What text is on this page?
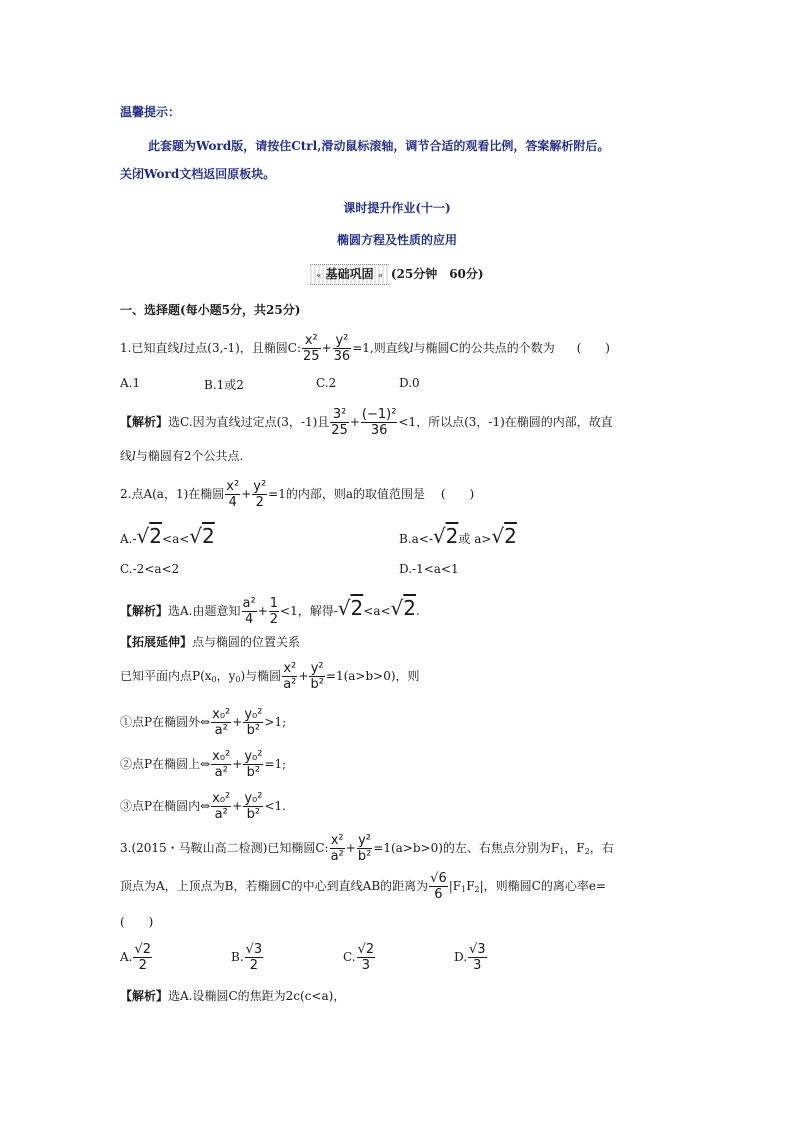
温馨提示：
此套题为Word版，请按住Ctrl,滑动鼠标滚轴，调节合适的观看比例，答案解析附后。
关闭Word文档返回原板块。
课时提升作业(十一)
椭圆方程及性质的应用
« 基础巩固 » (25分钟　60分)
一、选择题(每小题5分，共25分)
1.已知直线l过点(3,-1)，且椭圆C: $\frac{\text{x²}}{25} + \frac{\text{y²}}{36} =1$,则直线l与椭圆C的公共点的个数为 (　　)
A.1	B.1或2	C.2	D.0
【解析】选C.因为直线过定点(3，-1)且 $\frac{\text{3²}}{25} + \frac{\text{(−1)²}}{36} <1$，所以点(3，-1)在椭圆的内部，故直
线l与椭圆有2个公共点.
2.点A(a，1)在椭圆 $\frac{\text{x²}}{4} + \frac{\text{y²}}{2} =1$的内部，则a的取值范围是 (　　)
A.-√2<a<√2	B.a<-√2或 a>√2
C.-2<a<2	D.-1<a<1
【解析】选A.由题意知 $\frac{\text{a²}}{4} + \frac{1}{2} <1$，解得-√2<a<√2.
【拓展延伸】点与椭圆的位置关系
已知平面内点$P(x_0$，$y_0$)与椭圆 $\frac{\text{x²}}{\text{a²}} + \frac{\text{y²}}{\text{b²}} =1(a>b>0)$，则
①点P在椭圆外⇔ $\frac{\text{x₀²}}{\text{a²}} + \frac{\text{y₀²}}{\text{b²}} >1$;
②点P在椭圆上⇔ $\frac{\text{x₀²}}{\text{a²}} + \frac{\text{y₀²}}{\text{b²}} =1$;
③点P在椭圆内⇔ $\frac{\text{x₀²}}{\text{a²}} + \frac{\text{y₀²}}{\text{b²}} <1$.
3.(2015・马鞍山高二检测)已知椭圆C: $\frac{\text{x²}}{\text{a²}} + \frac{\text{y²}}{\text{b²}} =1(a>b>0)$的左、右焦点分别为$F_1$，$F_2$，右
顶点为A，上顶点为B，若椭圆C的中心到直线AB的距离为 $\frac{√6}{6} |F_1F_2|$，则椭圆C的离心率e=
(　　)
A. $\frac{√2}{2}$	B. $\frac{√3}{2}$	C. $\frac{√2}{3}$	D. $\frac{√3}{3}$
【解析】选A.设椭圆C的焦距为2c(c<a)，
